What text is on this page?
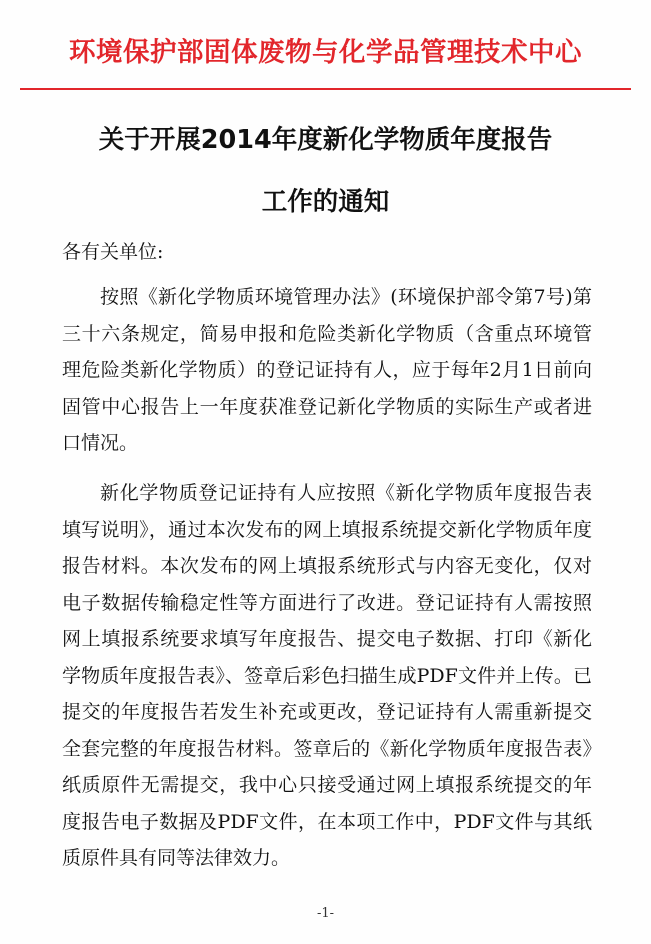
环境保护部固体废物与化学品管理技术中心
关于开展2014年度新化学物质年度报告
工作的通知
各有关单位:

按照《新化学物质环境管理办法》(环境保护部令第7号)第三十六条规定，简易申报和危险类新化学物质（含重点环境管理危险类新化学物质）的登记证持有人，应于每年2月1日前向固管中心报告上一年度获准登记新化学物质的实际生产或者进口情况。

新化学物质登记证持有人应按照《新化学物质年度报告表填写说明》，通过本次发布的网上填报系统提交新化学物质年度报告材料。本次发布的网上填报系统形式与内容无变化，仅对电子数据传输稳定性等方面进行了改进。登记证持有人需按照网上填报系统要求填写年度报告、提交电子数据、打印《新化学物质年度报告表》、签章后彩色扫描生成PDF文件并上传。已提交的年度报告若发生补充或更改，登记证持有人需重新提交全套完整的年度报告材料。签章后的《新化学物质年度报告表》纸质原件无需提交，我中心只接受通过网上填报系统提交的年度报告电子数据及PDF文件，在本项工作中，PDF文件与其纸质原件具有同等法律效力。

-1-
